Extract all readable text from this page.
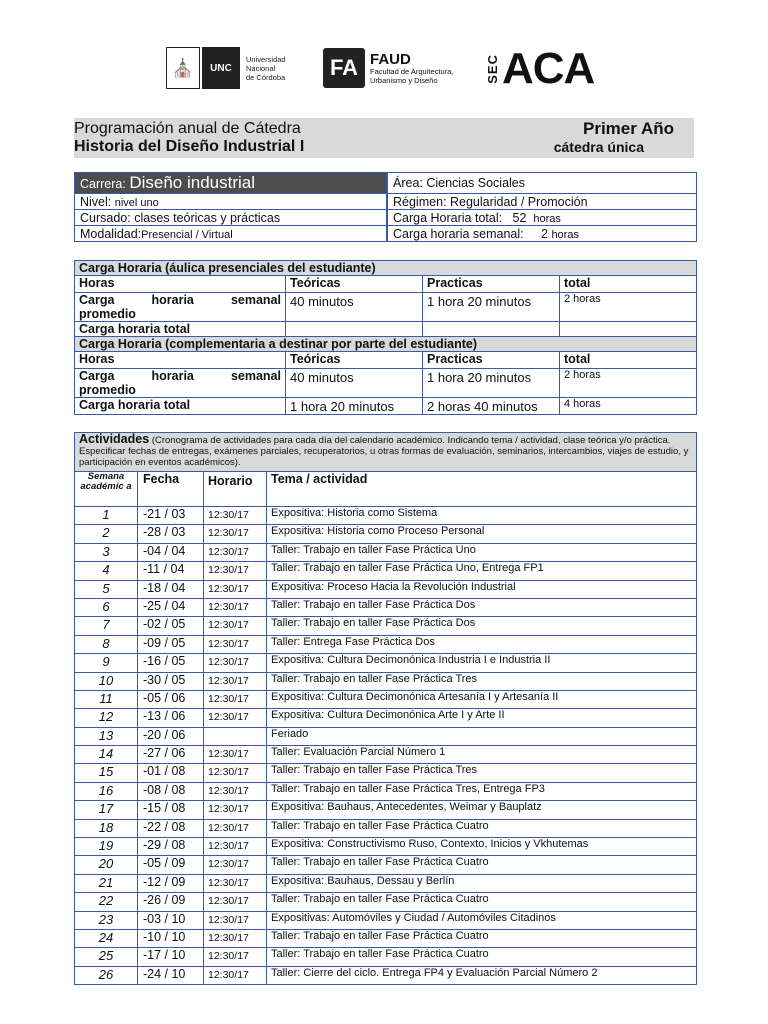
⛪	UNC
Universidad
Nacional
de Córdoba	FA FAUD
Facultad de Arquitectura,
Urbanismo y Diseño	SEC ACA
Programación anual de Cátedra
Historia del Diseño Industrial I
Primer Año
cátedra única
Carrera: Diseño industrial	Área: Ciencias Sociales
Nivel: nivel uno	Régimen: Regularidad / Promoción
Cursado: clases teóricas y prácticas	Carga Horaria total: 52 horas
Modalidad:Presencial / Virtual	Carga horaria semanal: 2 horas
Carga Horaria (áulica presenciales del estudiante)			
Horas	Teóricas	Practicas	total

Carga horaria semanal
promedio	40 minutos	1 hora 20 minutos	2 horas
Carga horaria total			
Carga Horaria (complementaria a destinar por parte del estudiante)			
Horas	Teóricas	Practicas	total

Carga horaria semanal
promedio	40 minutos	1 hora 20 minutos	2 horas
Carga horaria total	1 hora 20 minutos	2 horas 40 minutos	4 horas
Actividades (Cronograma de actividades para cada día del calendario académico. Indicando tema / actividad, clase teórica y/o práctica. Especificar fechas de entregas, exámenes parciales, recuperatorios, u otras formas de evaluación, seminarios, intercambios, viajes de estudio, y participación en eventos académicos).			
Semana académic a	Fecha	Horario	Tema / actividad
1	-21 / 03	12:30/17	Expositiva: Historia como Sistema
2	-28 / 03	12:30/17	Expositiva: Historia como Proceso Personal
3	-04 / 04	12:30/17	Taller: Trabajo en taller Fase Práctica Uno
4	-11 / 04	12:30/17	Taller: Trabajo en taller Fase Práctica Uno, Entrega FP1
5	-18 / 04	12:30/17	Expositiva: Proceso Hacia la Revolución Industrial
6	-25 / 04	12:30/17	Taller: Trabajo en taller Fase Práctica Dos
7	-02 / 05	12:30/17	Taller: Trabajo en taller Fase Práctica Dos
8	-09 / 05	12:30/17	Taller: Entrega Fase Práctica Dos
9	-16 / 05	12:30/17	Expositiva: Cultura Decimonónica Industria I e Industria II
10	-30 / 05	12:30/17	Taller: Trabajo en taller Fase Práctica Tres
11	-05 / 06	12:30/17	Expositiva: Cultura Decimonónica Artesanía I y Artesanía II
12	-13 / 06	12:30/17	Expositiva: Cultura Decimonónica Arte I y Arte II
13	-20 / 06		Feriado
14	-27 / 06	12:30/17	Taller: Evaluación Parcial Número 1
15	-01 / 08	12:30/17	Taller: Trabajo en taller Fase Práctica Tres
16	-08 / 08	12:30/17	Taller: Trabajo en taller Fase Práctica Tres, Entrega FP3
17	-15 / 08	12:30/17	Expositiva: Bauhaus, Antecedentes, Weimar y Bauplatz
18	-22 / 08	12:30/17	Taller: Trabajo en taller Fase Práctica Cuatro
19	-29 / 08	12:30/17	Expositiva: Constructivismo Ruso, Contexto, Inicios y Vkhutemas
20	-05 / 09	12:30/17	Taller: Trabajo en taller Fase Práctica Cuatro
21	-12 / 09	12:30/17	Expositiva: Bauhaus, Dessau y Berlín
22	-26 / 09	12:30/17	Taller: Trabajo en taller Fase Práctica Cuatro
23	-03 / 10	12:30/17	Expositivas: Automóviles y Ciudad / Automóviles Citadinos
24	-10 / 10	12:30/17	Taller: Trabajo en taller Fase Práctica Cuatro
25	-17 / 10	12:30/17	Taller: Trabajo en taller Fase Práctica Cuatro
26	-24 / 10	12:30/17	Taller: Cierre del ciclo. Entrega FP4 y Evaluación Parcial Número 2
